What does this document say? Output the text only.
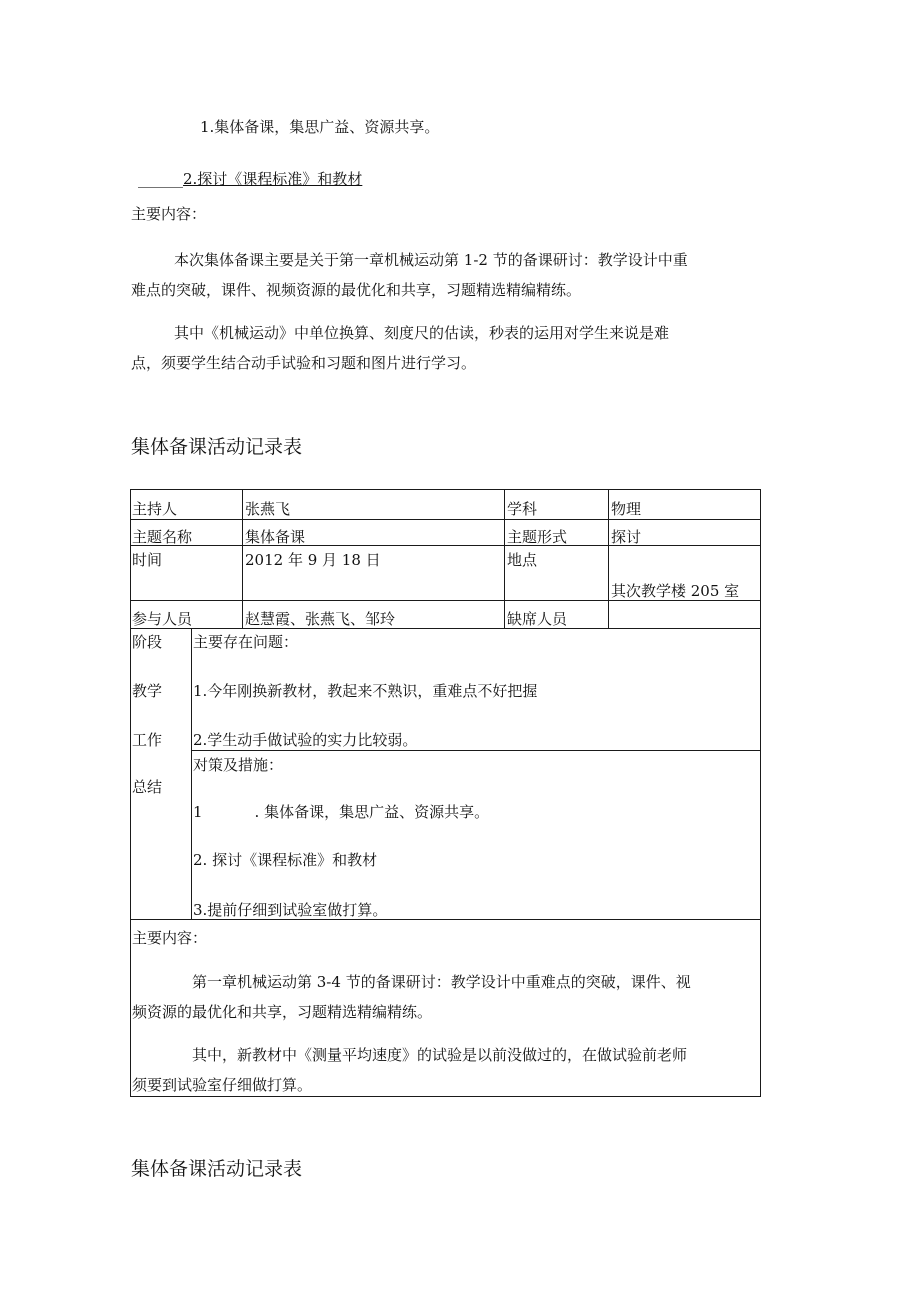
1.集体备课，集思广益、资源共享。
______2.探讨《课程标准》和教材
主要内容：
本次集体备课主要是关于第一章机械运动第 1-2 节的备课研讨：教学设计中重
难点的突破，课件、视频资源的最优化和共享，习题精选精编精练。
其中《机械运动》中单位换算、刻度尺的估读，秒表的运用对学生来说是难
点，须要学生结合动手试验和习题和图片进行学习。
集体备课活动记录表
主持人	张燕飞	学科	物理
主题名称	集体备课	主题形式	探讨
时间	2012 年 9 月 18 日	地点
其次教学楼 205 室
参与人员	赵慧霞、张燕飞、邹玲	缺席人员
阶段
教学
工作
总结
主要存在问题：
1.今年刚换新教材，教起来不熟识，重难点不好把握
2.学生动手做试验的实力比较弱。
对策及措施：
1	. 集体备课，集思广益、资源共享。
2. 探讨《课程标准》和教材
3.提前仔细到试验室做打算。
主要内容：
第一章机械运动第 3-4 节的备课研讨：教学设计中重难点的突破，课件、视
频资源的最优化和共享，习题精选精编精练。
其中，新教材中《测量平均速度》的试验是以前没做过的，在做试验前老师
须要到试验室仔细做打算。
集体备课活动记录表
